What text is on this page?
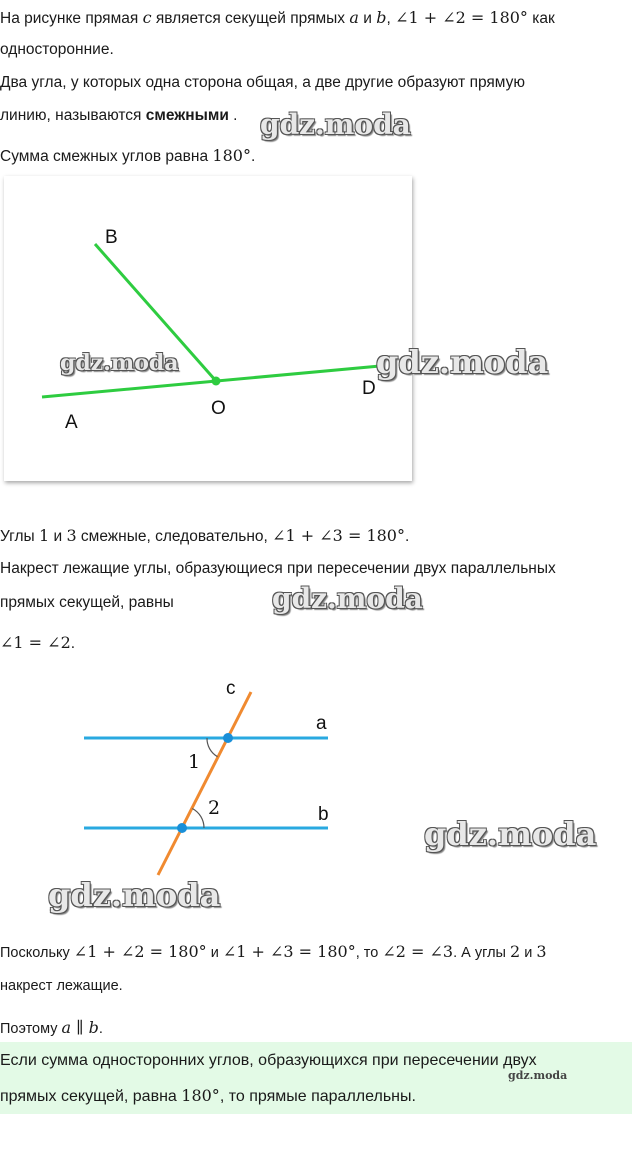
На рисунке прямая c является секущей прямых a и b, ∠1 + ∠2 = 180° как
односторонние.
Два угла, у которых одна сторона общая, а две другие образуют прямую
линию, называются смежными . gdz.moda
Сумма смежных углов равна 180°.
B
A
O
D
gdz.moda	gdz.moda
Углы 1 и 3 смежные, следовательно, ∠1 + ∠3 = 180°.
Накрест лежащие углы, образующиеся при пересечении двух параллельных
прямых секущей, равны	gdz.moda
∠1 = ∠2.
c
a
b
1
2
gdz.moda
gdz.moda
Поскольку ∠1 + ∠2 = 180° и ∠1 + ∠3 = 180°, то ∠2 = ∠3. А углы 2 и 3
накрест лежащие.
Поэтому a ∥ b.
Если сумма односторонних углов, образующихся при пересечении двух
прямых секущей, равна 180°, то прямые параллельны.
gdz.moda
